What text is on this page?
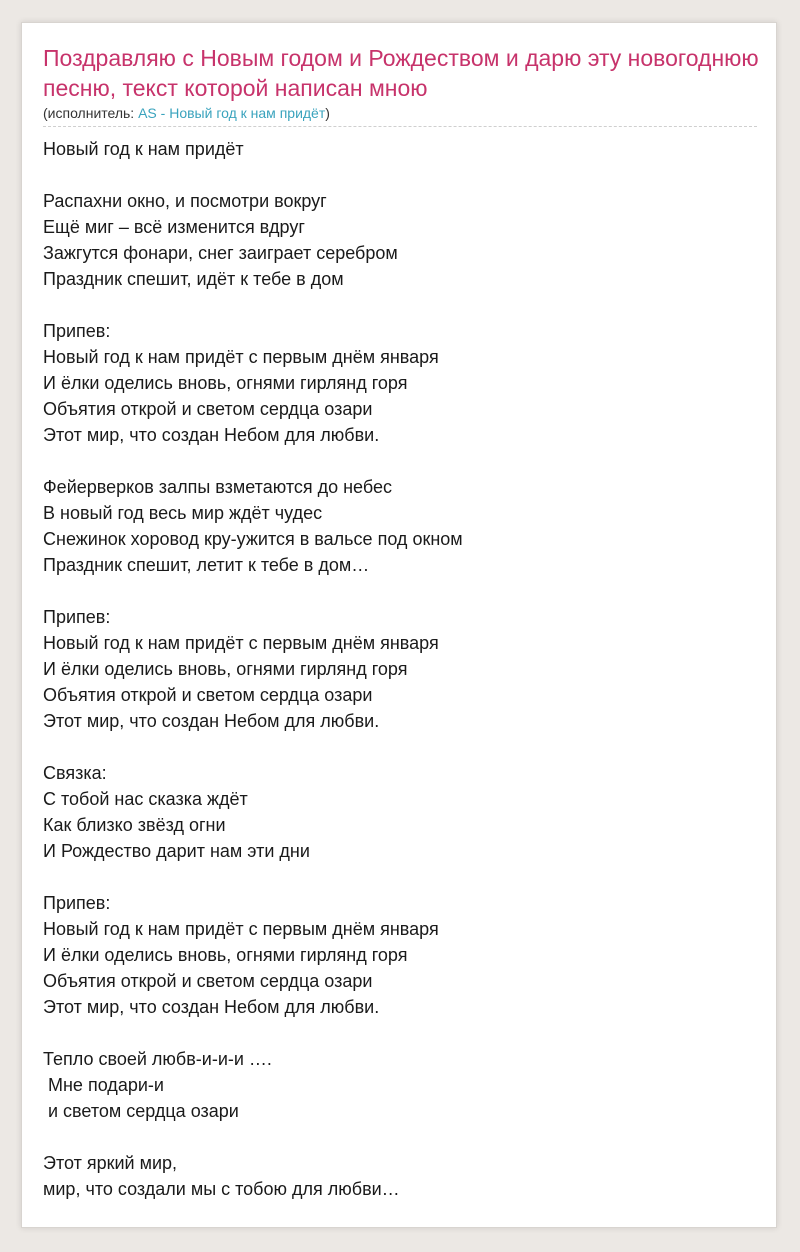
Поздравляю с Новым годом и Рождеством и дарю эту новогоднюю песню, текст которой написан мною
(исполнитель: AS - Новый год к нам придёт)
Новый год к нам придёт

Распахни окно, и посмотри вокруг
Ещё миг – всё изменится вдруг
Зажгутся фонари, снег заиграет серебром
Праздник спешит, идёт к тебе в дом

Припев:
Новый год к нам придёт с первым днём января
И ёлки оделись вновь, огнями гирлянд горя
Объятия открой и светом сердца озари
Этот мир, что создан Небом для любви.

Фейерверков залпы взметаются до небес
В новый год весь мир ждёт чудес
Снежинок хоровод кру-ужится в вальсе под окном
Праздник спешит, летит к тебе в дом…

Припев:
Новый год к нам придёт с первым днём января
И ёлки оделись вновь, огнями гирлянд горя
Объятия открой и светом сердца озари
Этот мир, что создан Небом для любви.

Связка:
С тобой нас сказка ждёт
Как близко звёзд огни
И Рождество дарит нам эти дни

Припев:
Новый год к нам придёт с первым днём января
И ёлки оделись вновь, огнями гирлянд горя
Объятия открой и светом сердца озари
Этот мир, что создан Небом для любви.

Тепло своей любв-и-и-и ….
Мне подари-и
и светом сердца озари

Этот яркий мир,
мир, что создали мы с тобою для любви…
